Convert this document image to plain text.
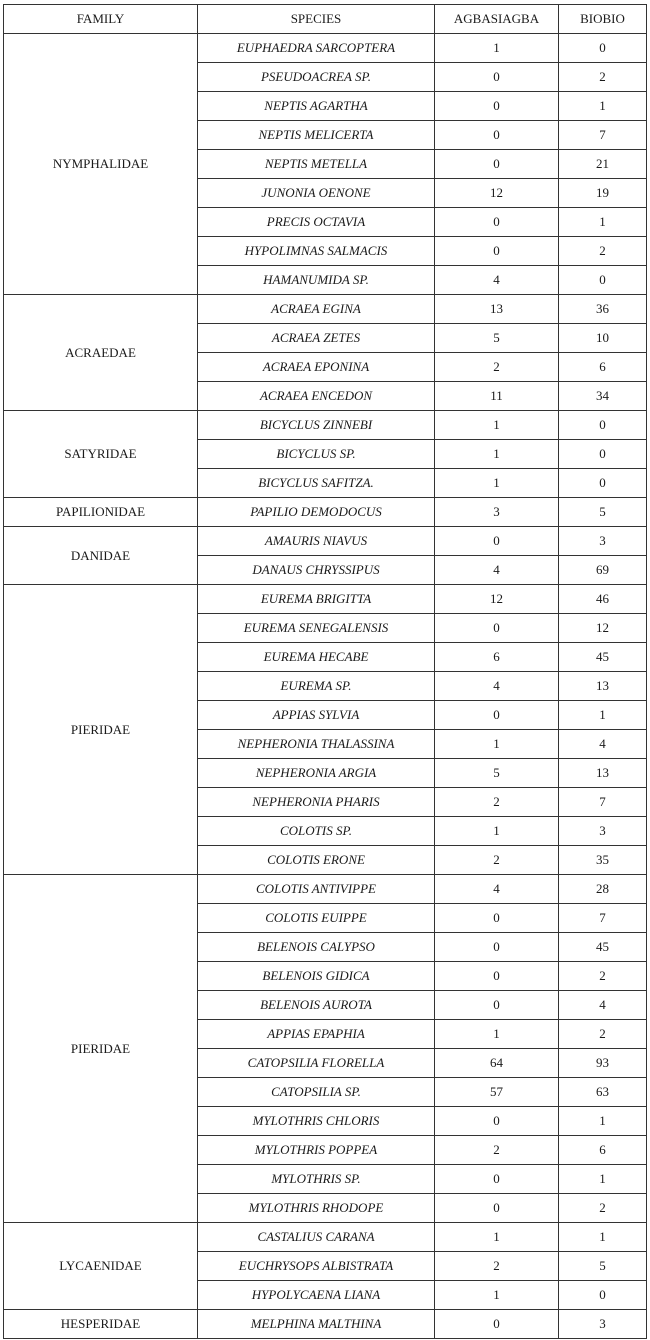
FAMILY	SPECIES	AGBASIAGBA	BIOBIO
NYMPHALIDAE	EUPHAEDRA SARCOPTERA	1	0
	PSEUDOACREA SP.	0	2
	NEPTIS AGARTHA	0	1
	NEPTIS MELICERTA	0	7
	NEPTIS METELLA	0	21
	JUNONIA OENONE	12	19
	PRECIS OCTAVIA	0	1
	HYPOLIMNAS SALMACIS	0	2
	HAMANUMIDA SP.	4	0
ACRAEDAE	ACRAEA EGINA	13	36
	ACRAEA ZETES	5	10
	ACRAEA EPONINA	2	6
	ACRAEA ENCEDON	11	34
SATYRIDAE	BICYCLUS ZINNEBI	1	0
	BICYCLUS SP.	1	0
	BICYCLUS SAFITZA.	1	0
PAPILIONIDAE	PAPILIO DEMODOCUS	3	5
DANIDAE	AMAURIS NIAVUS	0	3
	DANAUS CHRYSSIPUS	4	69
PIERIDAE	EUREMA BRIGITTA	12	46
	EUREMA SENEGALENSIS	0	12
	EUREMA HECABE	6	45
	EUREMA SP.	4	13
	APPIAS SYLVIA	0	1
	NEPHERONIA THALASSINA	1	4
	NEPHERONIA ARGIA	5	13
	NEPHERONIA PHARIS	2	7
	COLOTIS SP.	1	3
	COLOTIS ERONE	2	35
PIERIDAE	COLOTIS ANTIVIPPE	4	28
	COLOTIS EUIPPE	0	7
	BELENOIS CALYPSO	0	45
	BELENOIS GIDICA	0	2
	BELENOIS AUROTA	0	4
	APPIAS EPAPHIA	1	2
	CATOPSILIA FLORELLA	64	93
	CATOPSILIA SP.	57	63
	MYLOTHRIS CHLORIS	0	1
	MYLOTHRIS POPPEA	2	6
	MYLOTHRIS SP.	0	1
	MYLOTHRIS RHODOPE	0	2
LYCAENIDAE	CASTALIUS CARANA	1	1
	EUCHRYSOPS ALBISTRATA	2	5
	HYPOLYCAENA LIANA	1	0
HESPERIDAE	MELPHINA MALTHINA	0	3
